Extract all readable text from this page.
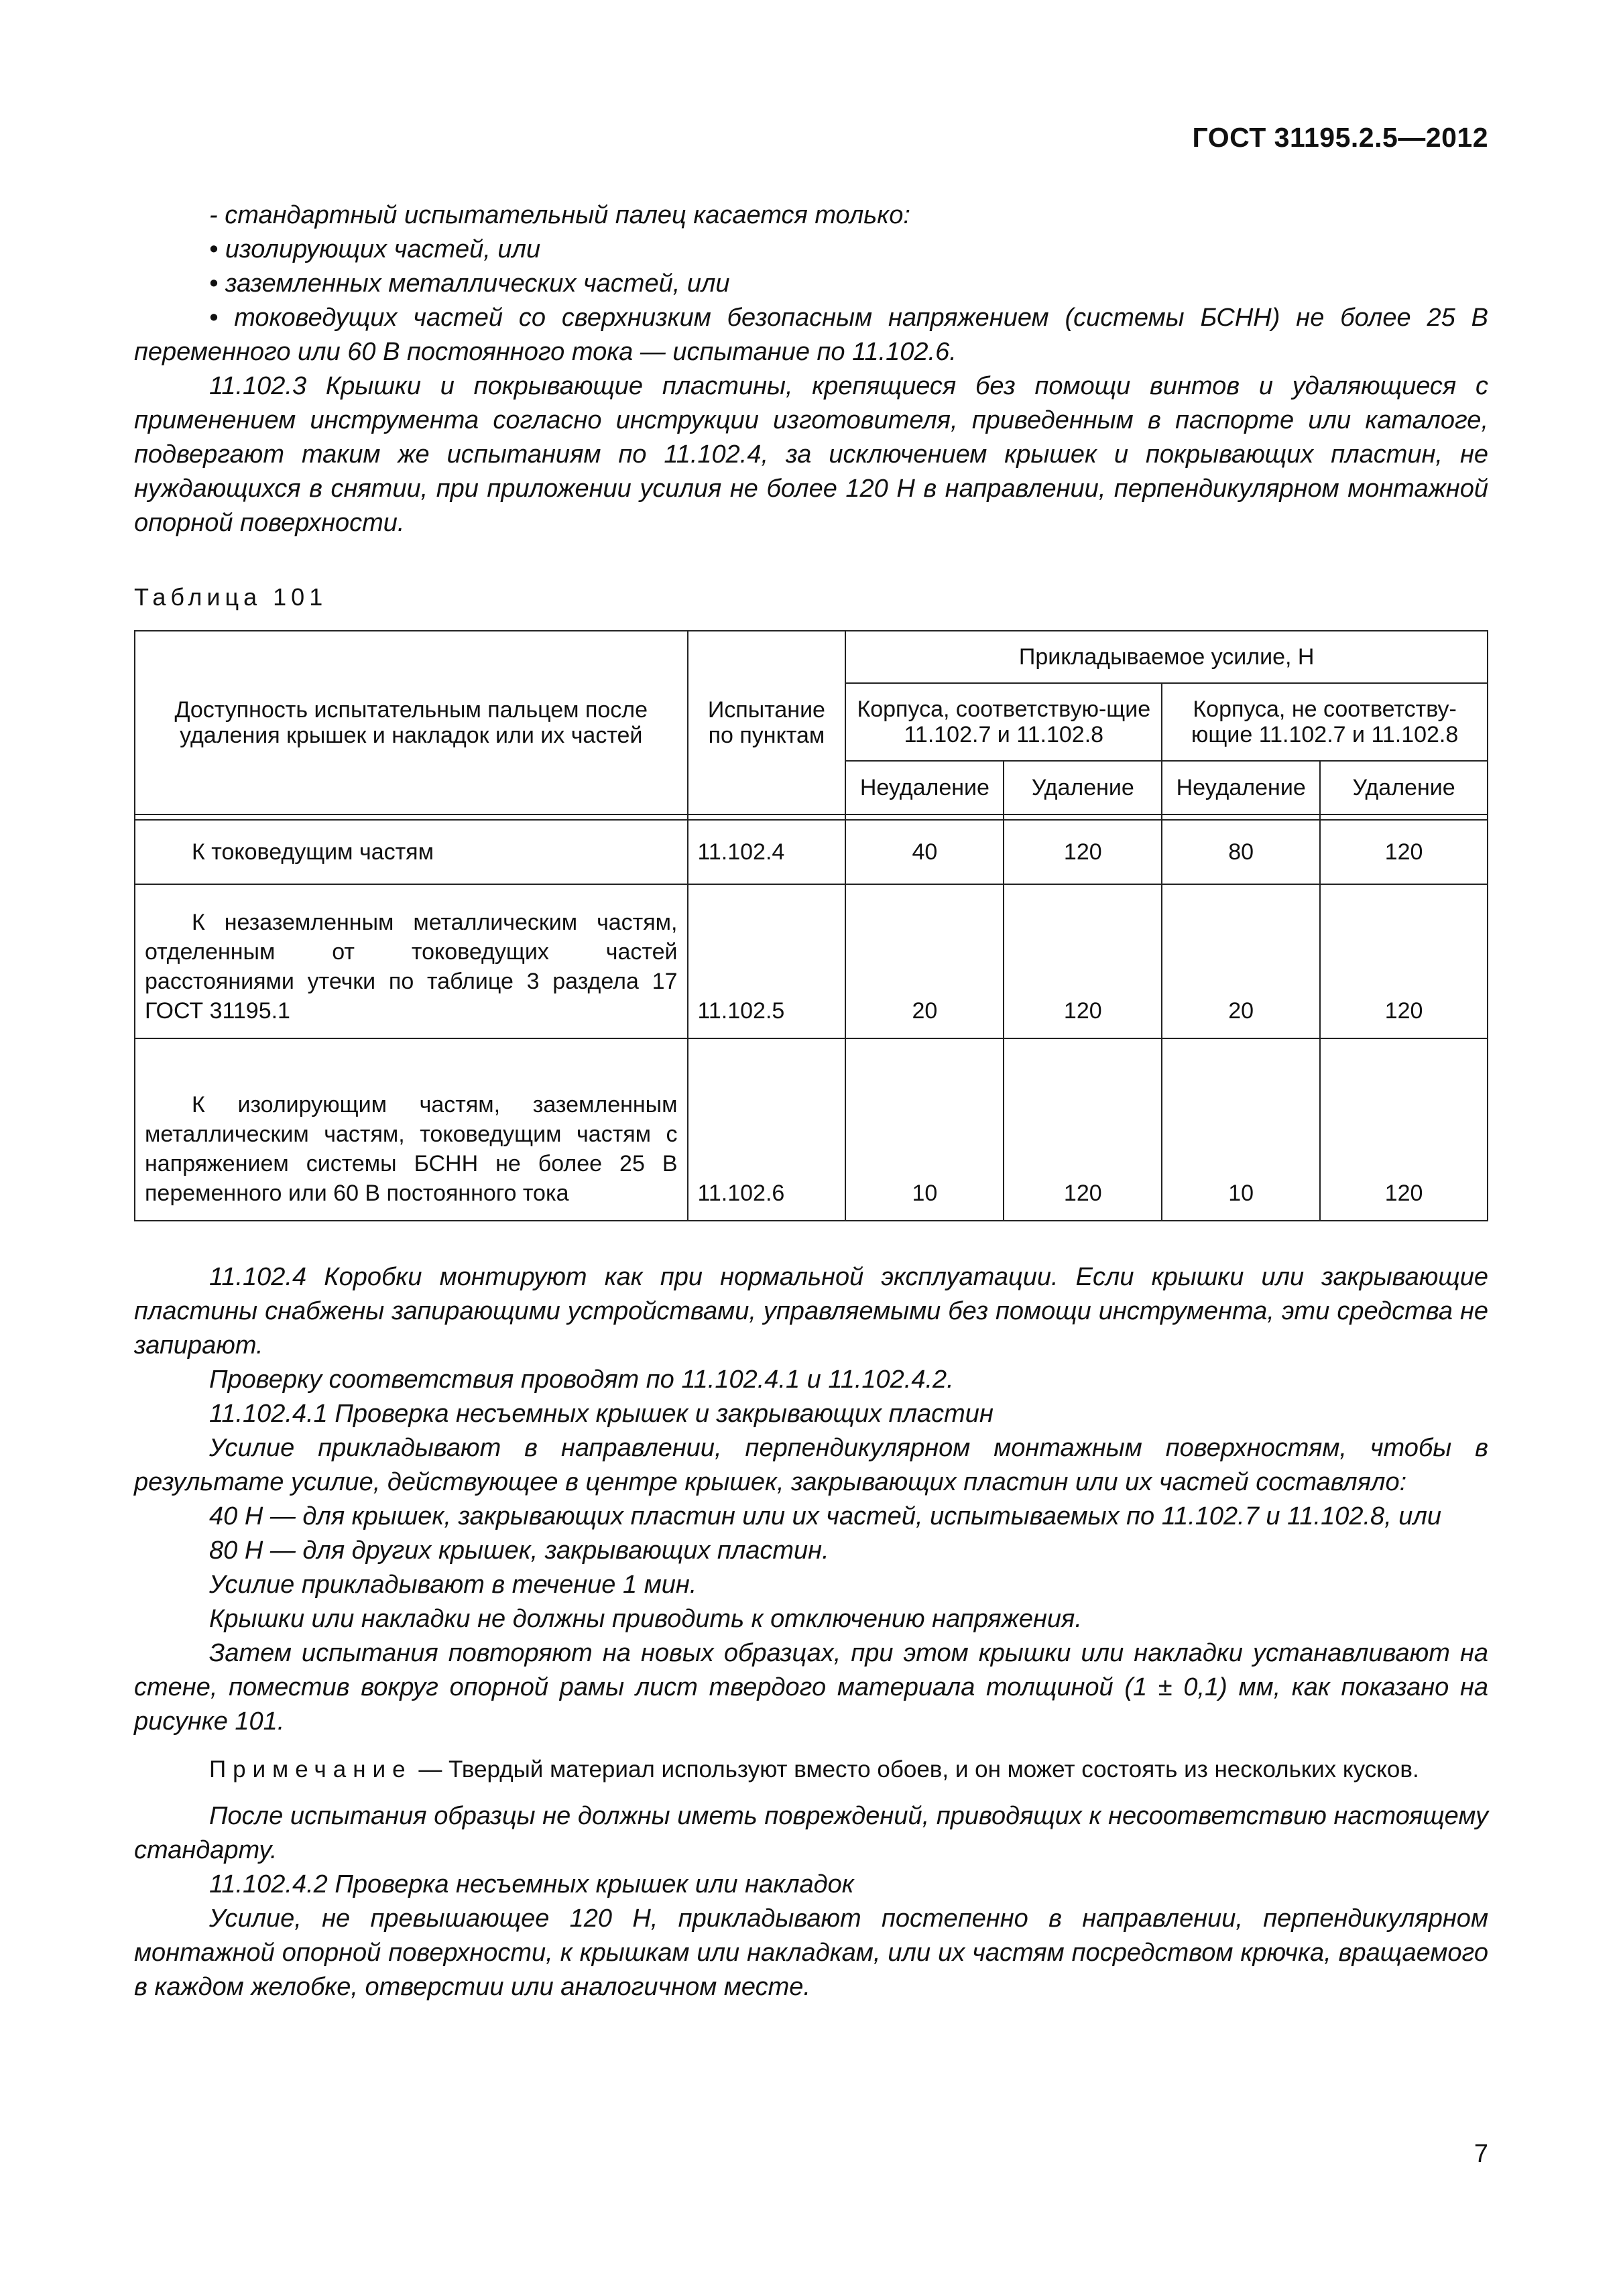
ГОСТ 31195.2.5—2012

- стандартный испытательный палец касается только:

• изолирующих частей, или

• заземленных металлических частей, или

• токоведущих частей со сверхнизким безопасным напряжением (системы БСНН) не более 25 В переменного или 60 В постоянного тока — испытание по 11.102.6.

11.102.3 Крышки и покрывающие пластины, крепящиеся без помощи винтов и удаляющиеся с применением инструмента согласно инструкции изготовителя, приведенным в паспорте или каталоге, подвергают таким же испытаниям по 11.102.4, за исключением крышек и покрывающих пластин, не нуждающихся в снятии, при приложении усилия не более 120 Н в направлении, перпендикулярном монтажной опорной поверхности.

Таблица 101
Доступность испытательным пальцем после удаления крышек и накладок или их частей	Испытание по пунктам	Прикладываемое усилие, Н			
		Корпуса, соответствую-щие 11.102.7 и 11.102.8		Корпуса, не соответству-ющие 11.102.7 и 11.102.8	
		Неудаление	Удаление	Неудаление	Удаление

К токоведущим частям	11.102.4	40	120	80	120
К незаземленным металлическим частям, отделенным от токоведущих частей расстояниями утечки по таблице 3 раздела 17 ГОСТ 31195.1	11.102.5	20	120	20	120
К изолирующим частям, заземленным металлическим частям, токоведущим частям с напряжением системы БСНН не более 25 В переменного или 60 В постоянного тока	11.102.6	10	120	10	120

11.102.4 Коробки монтируют как при нормальной эксплуатации. Если крышки или закрывающие пластины снабжены запирающими устройствами, управляемыми без помощи инструмента, эти средства не запирают.

Проверку соответствия проводят по 11.102.4.1 и 11.102.4.2.

11.102.4.1 Проверка несъемных крышек и закрывающих пластин

Усилие прикладывают в направлении, перпендикулярном монтажным поверхностям, чтобы в результате усилие, действующее в центре крышек, закрывающих пластин или их частей составляло:

40 Н — для крышек, закрывающих пластин или их частей, испытываемых по 11.102.7 и 11.102.8, или

80 Н — для других крышек, закрывающих пластин.

Усилие прикладывают в течение 1 мин.

Крышки или накладки не должны приводить к отключению напряжения.

Затем испытания повторяют на новых образцах, при этом крышки или накладки устанавливают на стене, поместив вокруг опорной рамы лист твердого материала толщиной (1 ± 0,1) мм, как показано на рисунке 101.

Примечание — Твердый материал используют вместо обоев, и он может состоять из нескольких кусков.

После испытания образцы не должны иметь повреждений, приводящих к несоответствию настоящему стандарту.

11.102.4.2 Проверка несъемных крышек или накладок

Усилие, не превышающее 120 Н, прикладывают постепенно в направлении, перпендикулярном монтажной опорной поверхности, к крышкам или накладкам, или их частям посредством крючка, вращаемого в каждом желобке, отверстии или аналогичном месте.

7
